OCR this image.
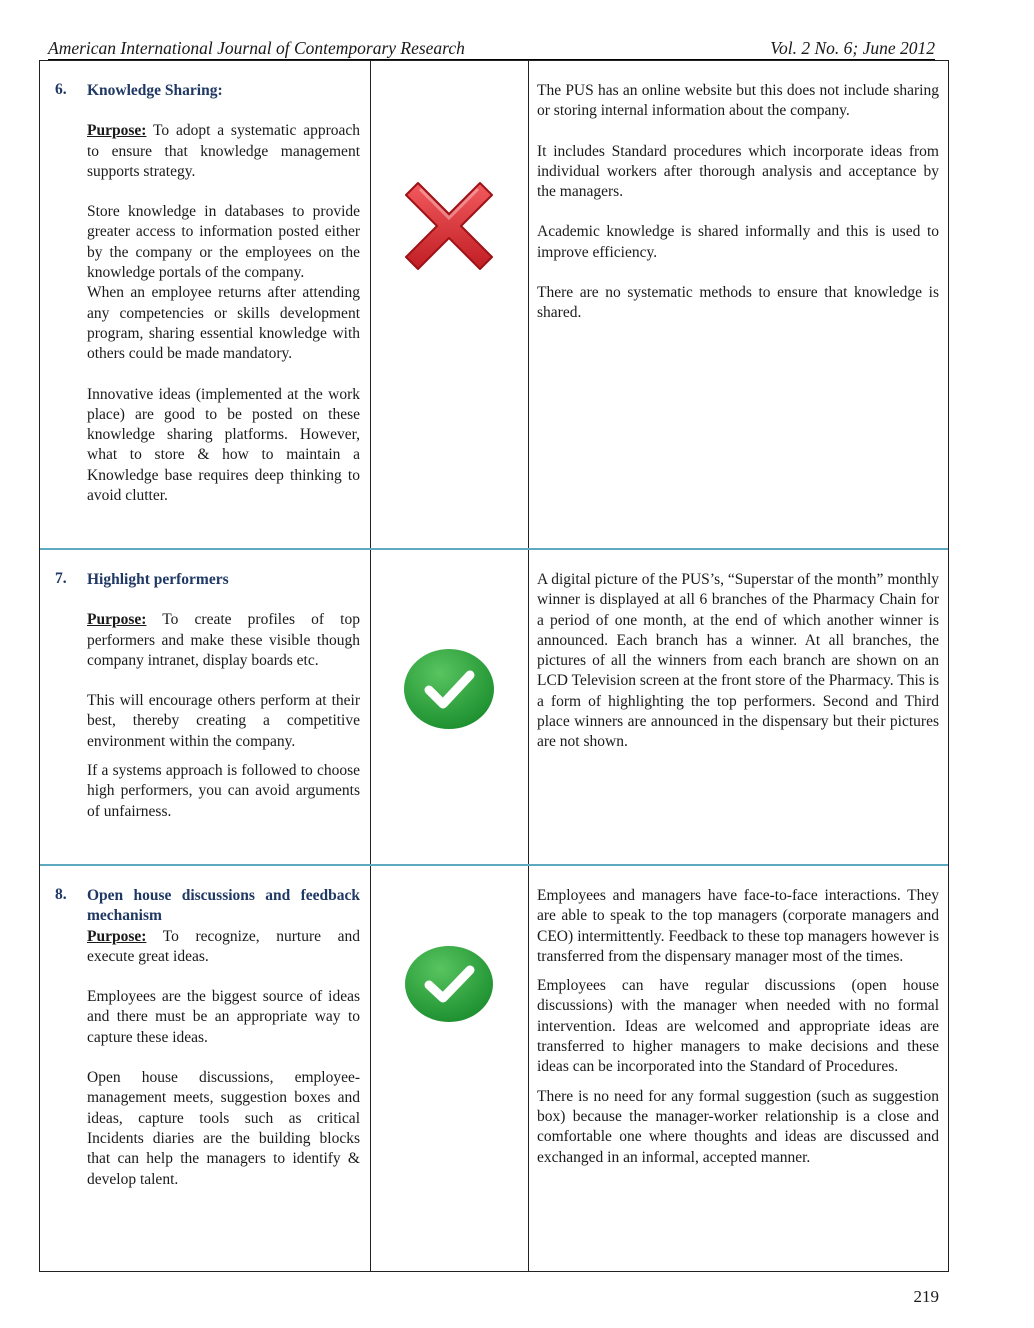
American International Journal of Contemporary Research	Vol. 2 No. 6; June 2012
6. Knowledge Sharing:

Purpose: To adopt a systematic approach to ensure that knowledge management supports strategy.

Store knowledge in databases to provide greater access to information posted either by the company or the employees on the knowledge portals of the company.

When an employee returns after attending any competencies or skills development program, sharing essential knowledge with others could be made mandatory.

Innovative ideas (implemented at the work place) are good to be posted on these knowledge sharing platforms. However, what to store & how to maintain a Knowledge base requires deep thinking to avoid clutter.

The PUS has an online website but this does not include sharing or storing internal information about the company.

It includes Standard procedures which incorporate ideas from individual workers after thorough analysis and acceptance by the managers.

Academic knowledge is shared informally and this is used to improve efficiency.

There are no systematic methods to ensure that knowledge is shared.

7. Highlight performers

Purpose: To create profiles of top performers and make these visible though company intranet, display boards etc.

This will encourage others perform at their best, thereby creating a competitive environment within the company.

If a systems approach is followed to choose high performers, you can avoid arguments of unfairness.

A digital picture of the PUS’s, “Superstar of the month” monthly winner is displayed at all 6 branches of the Pharmacy Chain for a period of one month, at the end of which another winner is announced. Each branch has a winner. At all branches, the pictures of all the winners from each branch are shown on an LCD Television screen at the front store of the Pharmacy. This is a form of highlighting the top performers. Second and Third place winners are announced in the dispensary but their pictures are not shown.

8. Open house discussions and feedback mechanism

Purpose: To recognize, nurture and execute great ideas.

Employees are the biggest source of ideas and there must be an appropriate way to capture these ideas.

Open house discussions, employee-management meets, suggestion boxes and ideas, capture tools such as critical Incidents diaries are the building blocks that can help the managers to identify & develop talent.

Employees and managers have face-to-face interactions. They are able to speak to the top managers (corporate managers and CEO) intermittently. Feedback to these top managers however is transferred from the dispensary manager most of the times.

Employees can have regular discussions (open house discussions) with the manager when needed with no formal intervention. Ideas are welcomed and appropriate ideas are transferred to higher managers to make decisions and these ideas can be incorporated into the Standard of Procedures.

There is no need for any formal suggestion (such as suggestion box) because the manager-worker relationship is a close and comfortable one where thoughts and ideas are discussed and exchanged in an informal, accepted manner.

219
